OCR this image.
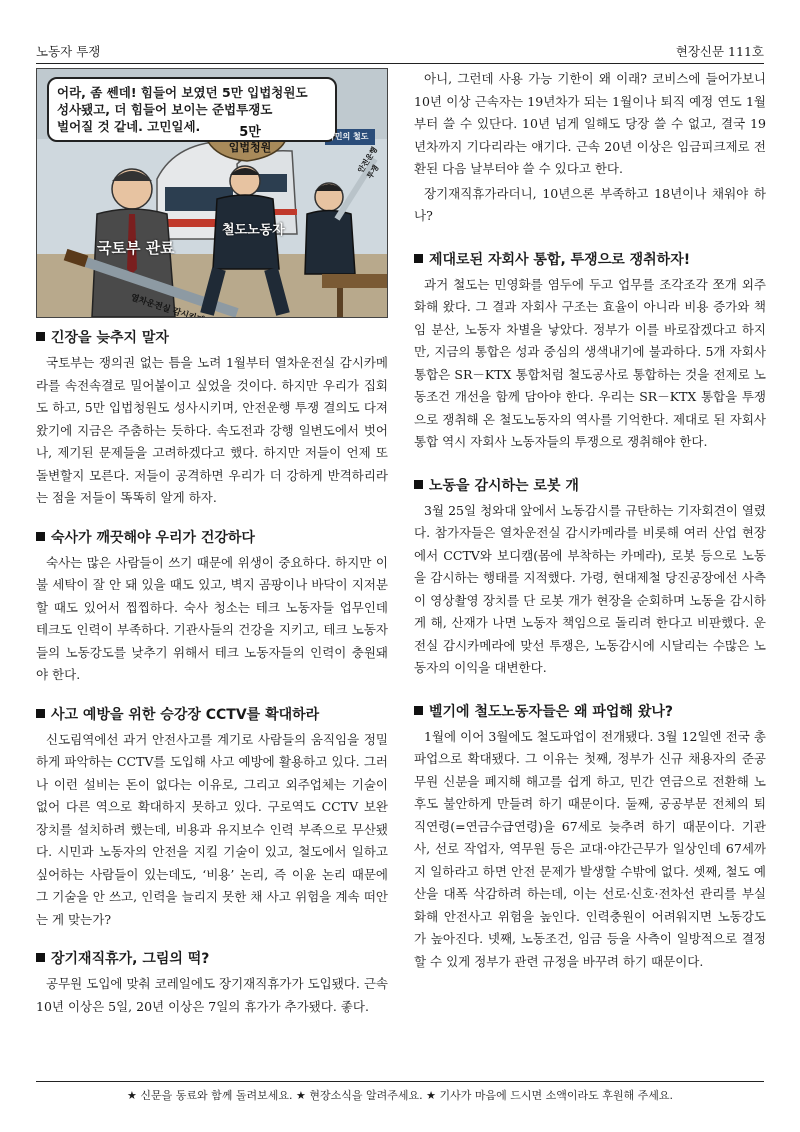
노동자 투쟁	현장신문 111호
어라, 좀 쎈데! 힘들어 보였던 5만 입법청원도
성사됐고, 더 힘들어 보이는 준법투쟁도
벌어질 것 같네. 고민일세.	5만
입법청원
국토부 관료
철도노동자
국민의 철도
안전운행투쟁
긴장을 늦추지 말자

국토부는 쟁의권 없는 틈을 노려 1월부터 열차운전실 감시카메라를 속전속결로 밀어붙이고 싶었을 것이다. 하지만 우리가 집회도 하고, 5만 입법청원도 성사시키며, 안전운행 투쟁 결의도 다져 왔기에 지금은 주춤하는 듯하다. 속도전과 강행 일변도에서 벗어나, 제기된 문제들을 고려하겠다고 했다. 하지만 저들이 언제 또 돌변할지 모른다. 저들이 공격하면 우리가 더 강하게 반격하리라는 점을 저들이 똑똑히 알게 하자.

숙사가 깨끗해야 우리가 건강하다

숙사는 많은 사람들이 쓰기 때문에 위생이 중요하다. 하지만 이불 세탁이 잘 안 돼 있을 때도 있고, 벽지 곰팡이나 바닥이 지저분할 때도 있어서 찝찝하다. 숙사 청소는 테크 노동자들 업무인데 테크도 인력이 부족하다. 기관사들의 건강을 지키고, 테크 노동자들의 노동강도를 낮추기 위해서 테크 노동자들의 인력이 충원돼야 한다.

사고 예방을 위한 승강장 CCTV를 확대하라

신도림역에선 과거 안전사고를 계기로 사람들의 움직임을 정밀하게 파악하는 CCTV를 도입해 사고 예방에 활용하고 있다. 그러나 이런 설비는 돈이 없다는 이유로, 그리고 외주업체는 기술이 없어 다른 역으로 확대하지 못하고 있다. 구로역도 CCTV 보완 장치를 설치하려 했는데, 비용과 유지보수 인력 부족으로 무산됐다. 시민과 노동자의 안전을 지킬 기술이 있고, 철도에서 일하고 싶어하는 사람들이 있는데도, ‘비용’ 논리, 즉 이윤 논리 때문에 그 기술을 안 쓰고, 인력을 늘리지 못한 채 사고 위험을 계속 떠안는 게 맞는가?

장기재직휴가, 그림의 떡?

공무원 도입에 맞춰 코레일에도 장기재직휴가가 도입됐다. 근속 10년 이상은 5일, 20년 이상은 7일의 휴가가 추가됐다. 좋다.

아니, 그런데 사용 가능 기한이 왜 이래? 코비스에 들어가보니 10년 이상 근속자는 19년차가 되는 1월이나 퇴직 예정 연도 1월부터 쓸 수 있단다. 10년 넘게 일해도 당장 쓸 수 없고, 결국 19년차까지 기다리라는 얘기다. 근속 20년 이상은 임금피크제로 전환된 다음 날부터야 쓸 수 있다고 한다.

장기재직휴가라더니, 10년으론 부족하고 18년이나 채워야 하나?

제대로된 자회사 통합, 투쟁으로 쟁취하자!

과거 철도는 민영화를 염두에 두고 업무를 조각조각 쪼개 외주화해 왔다. 그 결과 자회사 구조는 효율이 아니라 비용 증가와 책임 분산, 노동자 차별을 낳았다. 정부가 이를 바로잡겠다고 하지만, 지금의 통합은 성과 중심의 생색내기에 불과하다. 5개 자회사 통합은 SR－KTX 통합처럼 철도공사로 통합하는 것을 전제로 노동조건 개선을 함께 담아야 한다. 우리는 SR－KTX 통합을 투쟁으로 쟁취해 온 철도노동자의 역사를 기억한다. 제대로 된 자회사 통합 역시 자회사 노동자들의 투쟁으로 쟁취해야 한다.

노동을 감시하는 로봇 개

3월 25일 청와대 앞에서 노동감시를 규탄하는 기자회견이 열렸다. 참가자들은 열차운전실 감시카메라를 비롯해 여러 산업 현장에서 CCTV와 보디캠(몸에 부착하는 카메라), 로봇 등으로 노동을 감시하는 행태를 지적했다. 가령, 현대제철 당진공장에선 사측이 영상촬영 장치를 단 로봇 개가 현장을 순회하며 노동을 감시하게 해, 산재가 나면 노동자 책임으로 돌리려 한다고 비판했다. 운전실 감시카메라에 맞선 투쟁은, 노동감시에 시달리는 수많은 노동자의 이익을 대변한다.

벨기에 철도노동자들은 왜 파업해 왔나?

1월에 이어 3월에도 철도파업이 전개됐다. 3월 12일엔 전국 총파업으로 확대됐다. 그 이유는 첫째, 정부가 신규 채용자의 준공무원 신분을 폐지해 해고를 쉽게 하고, 민간 연금으로 전환해 노후도 불안하게 만들려 하기 때문이다. 둘째, 공공부문 전체의 퇴직연령(=연금수급연령)을 67세로 늦추려 하기 때문이다. 기관사, 선로 작업자, 역무원 등은 교대·야간근무가 일상인데 67세까지 일하라고 하면 안전 문제가 발생할 수밖에 없다. 셋째, 철도 예산을 대폭 삭감하려 하는데, 이는 선로·신호·전차선 관리를 부실화해 안전사고 위험을 높인다. 인력충원이 어려워지면 노동강도가 높아진다. 넷째, 노동조건, 임금 등을 사측이 일방적으로 결정할 수 있게 정부가 관련 규정을 바꾸려 하기 때문이다.

★ 신문을 동료와 함께 돌려보세요. ★ 현장소식을 알려주세요. ★ 기사가 마음에 드시면 소액이라도 후원해 주세요.
